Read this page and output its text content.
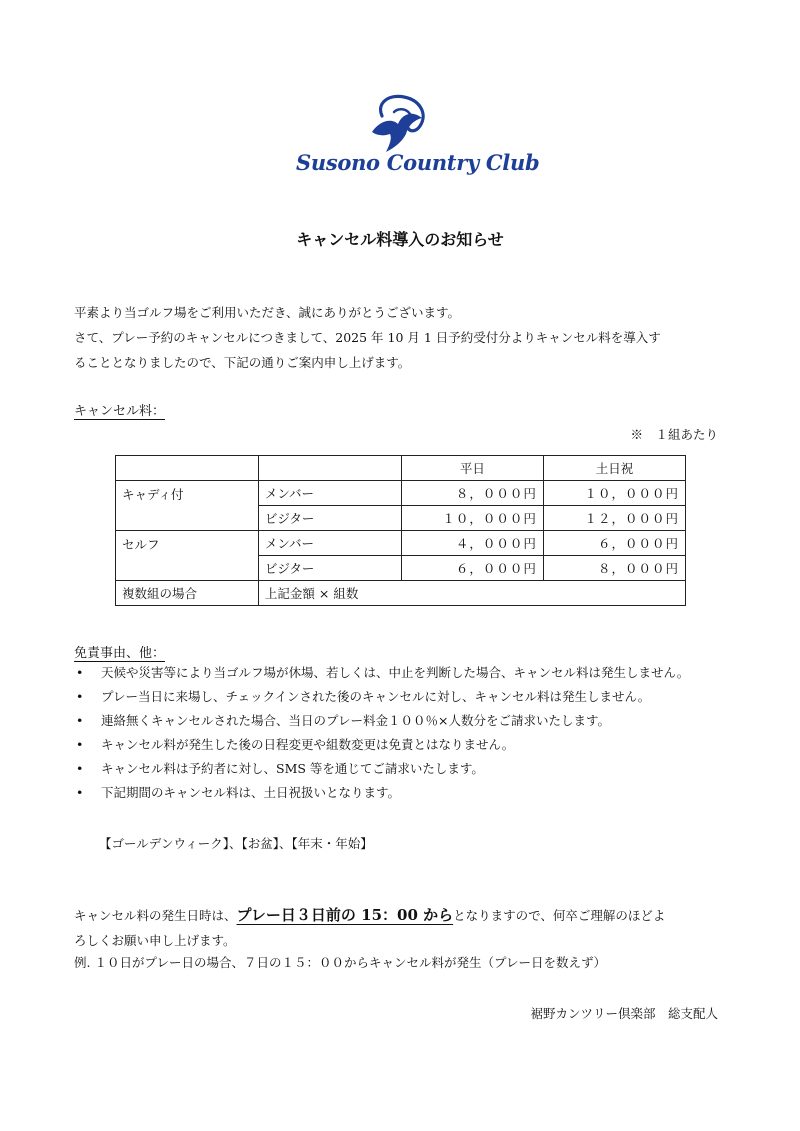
Susono Country Club
キャンセル料導入のお知らせ

平素より当ゴルフ場をご利用いただき、誠にありがとうございます。

さて、プレー予約のキャンセルにつきまして、2025 年 10 月 1 日予約受付分よりキャンセル料を導入す

ることとなりましたので、下記の通りご案内申し上げます。

キャンセル料：
※　１組あたり
		平日	土日祝
キャディ付	メンバー	８，０００円	１０，０００円
	ビジター	１０，０００円	１２，０００円
セルフ	メンバー	４，０００円	６，０００円
	ビジター	６，０００円	８，０００円
複数組の場合	上記金額 × 組数		
免責事由、他：
• 天候や災害等により当ゴルフ場が休場、若しくは、中止を判断した場合、キャンセル料は発生しません。
• プレー当日に来場し、チェックインされた後のキャンセルに対し、キャンセル料は発生しません。
• 連絡無くキャンセルされた場合、当日のプレー料金１００％×人数分をご請求いたします。
• キャンセル料が発生した後の日程変更や組数変更は免責とはなりません。
• キャンセル料は予約者に対し、SMS 等を通じてご請求いたします。
• 下記期間のキャンセル料は、土日祝扱いとなります。
【ゴールデンウィーク】、【お盆】、【年末・年始】

キャンセル料の発生日時は、プレー日３日前の 15：00 からとなりますので、何卒ご理解のほどよ

ろしくお願い申し上げます。

例. １０日がプレー日の場合、７日の１５：００からキャンセル料が発生（プレー日を数えず）
裾野カンツリー倶楽部　総支配人
